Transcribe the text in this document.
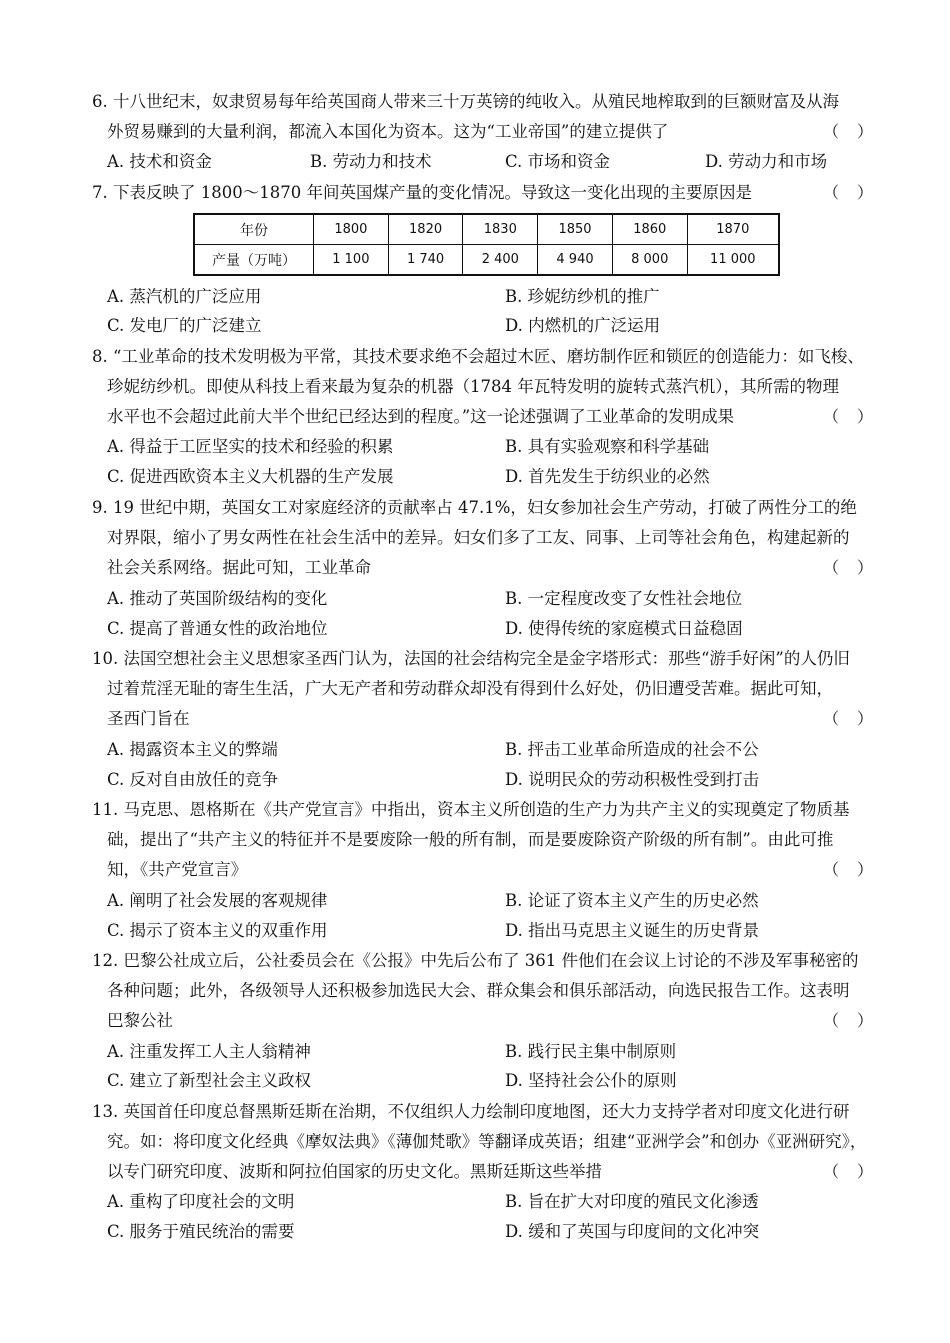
6. 十八世纪末，奴隶贸易每年给英国商人带来三十万英镑的纯收入。从殖民地榨取到的巨额财富及从海
外贸易赚到的大量利润，都流入本国化为资本。这为“工业帝国”的建立提供了	（　）
A. 技术和资金	B. 劳动力和技术	C. 市场和资金	D. 劳动力和市场
7. 下表反映了 1800～1870 年间英国煤产量的变化情况。导致这一变化出现的主要原因是	（　）
年份	1800	1820	1830	1850	1860	1870
产量（万吨）	1 100	1 740	2 400	4 940	8 000	11 000
A. 蒸汽机的广泛应用	B. 珍妮纺纱机的推广
C. 发电厂的广泛建立	D. 内燃机的广泛运用
8. “工业革命的技术发明极为平常，其技术要求绝不会超过木匠、磨坊制作匠和锁匠的创造能力：如飞梭、
珍妮纺纱机。即使从科技上看来最为复杂的机器（1784 年瓦特发明的旋转式蒸汽机），其所需的物理
水平也不会超过此前大半个世纪已经达到的程度。”这一论述强调了工业革命的发明成果	（　）
A. 得益于工匠坚实的技术和经验的积累	B. 具有实验观察和科学基础
C. 促进西欧资本主义大机器的生产发展	D. 首先发生于纺织业的必然
9. 19 世纪中期，英国女工对家庭经济的贡献率占 47.1%，妇女参加社会生产劳动，打破了两性分工的绝
对界限，缩小了男女两性在社会生活中的差异。妇女们多了工友、同事、上司等社会角色，构建起新的
社会关系网络。据此可知，工业革命	（　）
A. 推动了英国阶级结构的变化	B. 一定程度改变了女性社会地位
C. 提高了普通女性的政治地位	D. 使得传统的家庭模式日益稳固
10. 法国空想社会主义思想家圣西门认为，法国的社会结构完全是金字塔形式：那些“游手好闲”的人仍旧
过着荒淫无耻的寄生生活，广大无产者和劳动群众却没有得到什么好处，仍旧遭受苦难。据此可知，
圣西门旨在	（　）
A. 揭露资本主义的弊端	B. 抨击工业革命所造成的社会不公
C. 反对自由放任的竞争	D. 说明民众的劳动积极性受到打击
11. 马克思、恩格斯在《共产党宣言》中指出，资本主义所创造的生产力为共产主义的实现奠定了物质基
础，提出了“共产主义的特征并不是要废除一般的所有制，而是要废除资产阶级的所有制”。由此可推
知，《共产党宣言》	（　）
A. 阐明了社会发展的客观规律	B. 论证了资本主义产生的历史必然
C. 揭示了资本主义的双重作用	D. 指出马克思主义诞生的历史背景
12. 巴黎公社成立后，公社委员会在《公报》中先后公布了 361 件他们在会议上讨论的不涉及军事秘密的
各种问题；此外，各级领导人还积极参加选民大会、群众集会和俱乐部活动，向选民报告工作。这表明
巴黎公社	（　）
A. 注重发挥工人主人翁精神	B. 践行民主集中制原则
C. 建立了新型社会主义政权	D. 坚持社会公仆的原则
13. 英国首任印度总督黑斯廷斯在治期，不仅组织人力绘制印度地图，还大力支持学者对印度文化进行研
究。如：将印度文化经典《摩奴法典》《薄伽梵歌》等翻译成英语；组建“亚洲学会”和创办《亚洲研究》，
以专门研究印度、波斯和阿拉伯国家的历史文化。黑斯廷斯这些举措	（　）
A. 重构了印度社会的文明	B. 旨在扩大对印度的殖民文化渗透
C. 服务于殖民统治的需要	D. 缓和了英国与印度间的文化冲突
